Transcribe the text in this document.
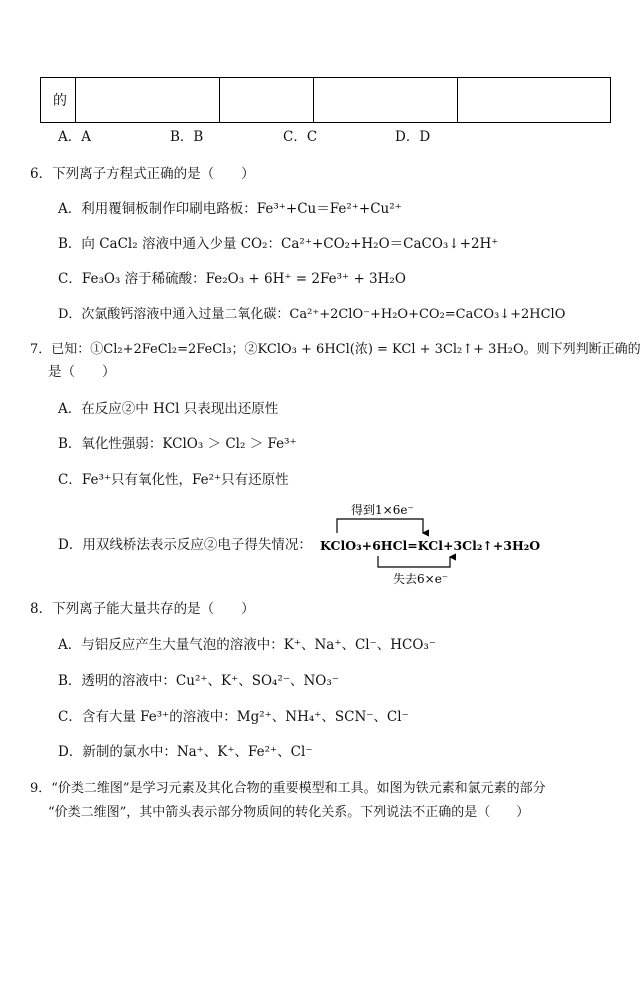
的
A．A	B．B	C．C	D．D
6．下列离子方程式正确的是（　　）
A．利用覆铜板制作印刷电路板：Fe³⁺+Cu＝Fe²⁺+Cu²⁺
B．向 CaCl₂ 溶液中通入少量 CO₂：Ca²⁺+CO₂+H₂O＝CaCO₃↓+2H⁺
C．Fe₃O₃ 溶于稀硫酸：Fe₂O₃ + 6H⁺ = 2Fe³⁺ + 3H₂O
D．次氯酸钙溶液中通入过量二氧化碳：Ca²⁺+2ClO⁻+H₂O+CO₂=CaCO₃↓+2HClO
7．已知：①Cl₂+2FeCl₂=2FeCl₃；②KClO₃ + 6HCl(浓) = KCl + 3Cl₂↑+ 3H₂O。则下列判断正确的
是（　　）
A．在反应②中 HCl 只表现出还原性
B．氧化性强弱：KClO₃ ＞ Cl₂ ＞ Fe³⁺
C．Fe³⁺只有氧化性，Fe²⁺只有还原性
D．用双线桥法表示反应②电子得失情况：
得到1×6e⁻
KClO₃+6HCl=KCl+3Cl₂↑+3H₂O
失去6×e⁻
8．下列离子能大量共存的是（　　）
A．与铝反应产生大量气泡的溶液中：K⁺、Na⁺、Cl⁻、HCO₃⁻
B．透明的溶液中：Cu²⁺、K⁺、SO₄²⁻、NO₃⁻
C．含有大量 Fe³⁺的溶液中：Mg²⁺、NH₄⁺、SCN⁻、Cl⁻
D．新制的氯水中：Na⁺、K⁺、Fe²⁺、Cl⁻
9．“价类二维图”是学习元素及其化合物的重要模型和工具。如图为铁元素和氯元素的部分
“价类二维图”，其中箭头表示部分物质间的转化关系。下列说法不正确的是（　　）
